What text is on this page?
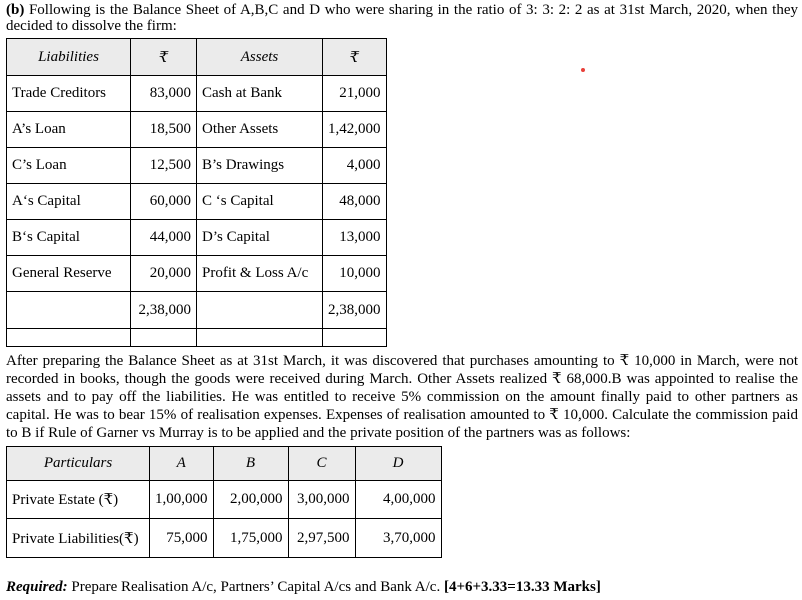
(b) Following is the Balance Sheet of A,B,C and D who were sharing in the ratio of 3: 3: 2: 2 as at 31st March, 2020, when they decided to dissolve the firm:
Liabilities	₹	Assets	₹
Trade Creditors	83,000	Cash at Bank	21,000
A’s Loan	18,500	Other Assets	1,42,000
C’s Loan	12,500	B’s Drawings	4,000
A‘s Capital	60,000	C ‘s Capital	48,000
B‘s Capital	44,000	D’s Capital	13,000
General Reserve	20,000	Profit & Loss A/c	10,000
	2,38,000		2,38,000

After preparing the Balance Sheet as at 31st March, it was discovered that purchases amounting to ₹ 10,000 in March, were not recorded in books, though the goods were received during March. Other Assets realized ₹ 68,000.B was appointed to realise the assets and to pay off the liabilities. He was entitled to receive 5% commission on the amount finally paid to other partners as capital. He was to bear 15% of realisation expenses. Expenses of realisation amounted to ₹ 10,000. Calculate the commission paid to B if Rule of Garner vs Murray is to be applied and the private position of the partners was as follows:
Particulars	A	B	C	D
Private Estate (₹)	1,00,000	2,00,000	3,00,000	4,00,000
Private Liabilities(₹)	75,000	1,75,000	2,97,500	3,70,000
Required: Prepare Realisation A/c, Partners’ Capital A/cs and Bank A/c. [4+6+3.33=13.33 Marks]
